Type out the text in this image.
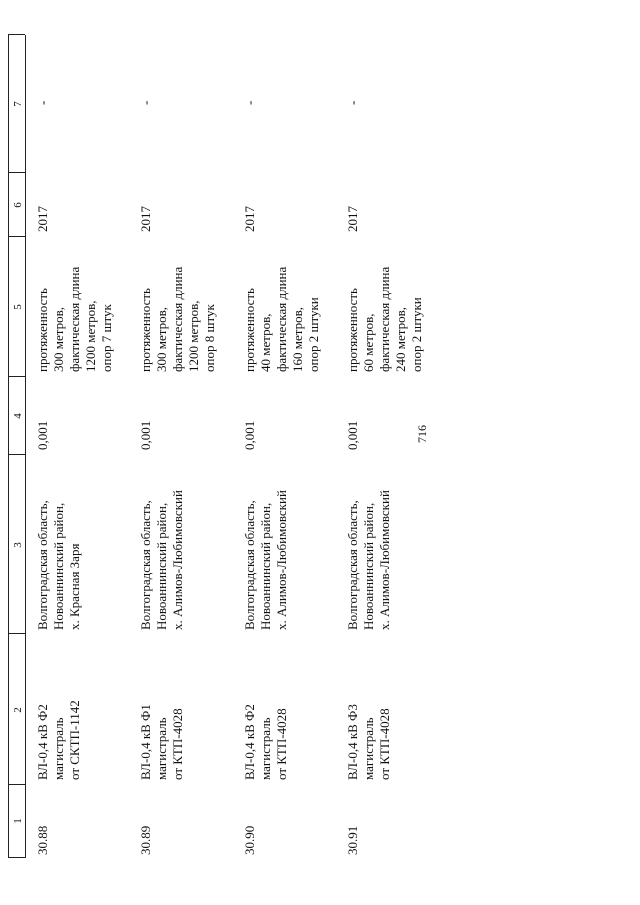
716
1
2
3
4
5
6
7
30.88
ВЛ-0,4 кВ Ф2 магистраль от СКТП-1142
Волгоградская область, Новоаннинский район, х. Красная Заря
0,001
протяженность 300 метров, фактическая длина 1200 метров, опор 7 штук
2017
-
30.89
ВЛ-0,4 кВ Ф1 магистраль от КТП-4028
Волгоградская область, Новоаннинский район, х. Алимов-Любимовский
0,001
протяженность 300 метров, фактическая длина 1200 метров, опор 8 штук
2017
-
30.90
ВЛ-0,4 кВ Ф2 магистраль от КТП-4028
Волгоградская область, Новоаннинский район, х. Алимов-Любимовский
0,001
протяженность 40 метров, фактическая длина 160 метров, опор 2 штуки
2017
-
30.91
ВЛ-0,4 кВ Ф3 магистраль от КТП-4028
Волгоградская область, Новоаннинский район, х. Алимов-Любимовский
0,001
протяженность 60 метров, фактическая длина 240 метров, опор 2 штуки
2017
-
